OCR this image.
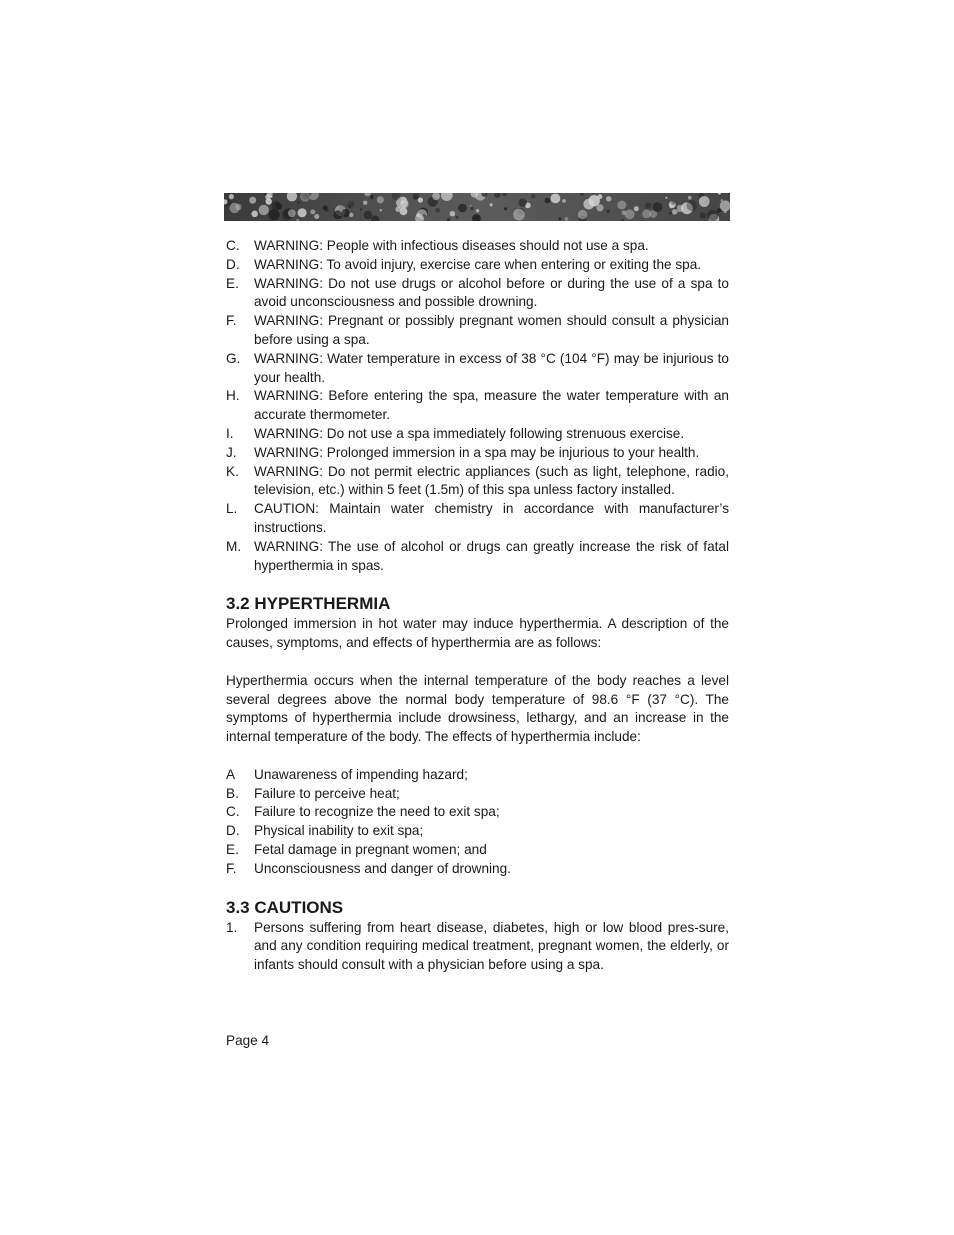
C.	WARNING: People with infectious diseases should not use a spa.
D.	WARNING: To avoid injury, exercise care when entering or exiting the spa.
E.	WARNING: Do not use drugs or alcohol before or during the use of a spa to avoid unconsciousness and possible drowning.
F.	WARNING: Pregnant or possibly pregnant women should consult a physician before using a spa.
G.	WARNING: Water temperature in excess of 38 °C (104 °F) may be injurious to your health.
H.	WARNING: Before entering the spa, measure the water temperature with an accurate thermometer.
I.	WARNING: Do not use a spa immediately following strenuous exercise.
J.	WARNING: Prolonged immersion in a spa may be injurious to your health.
K.	WARNING: Do not permit electric appliances (such as light, telephone, radio, television, etc.) within 5 feet (1.5m) of this spa unless factory installed.
L.	CAUTION: Maintain water chemistry in accordance with manufacturer’s instructions.
M. WARNING: The use of alcohol or drugs can greatly increase the risk of fatal hyperthermia in spas.
3.2 HYPERTHERMIA

Prolonged immersion in hot water may induce hyperthermia. A description of the causes, symptoms, and effects of hyperthermia are as follows:

Hyperthermia occurs when the internal temperature of the body reaches a level several degrees above the normal body temperature of 98.6 °F (37 °C). The symptoms of hyperthermia include drowsiness, lethargy, and an increase in the internal temperature of the body. The effects of hyperthermia include:

A	Unawareness of impending hazard;
B.	Failure to perceive heat;
C.	Failure to recognize the need to exit spa;
D.	Physical inability to exit spa;
E.	Fetal damage in pregnant women; and
F.	Unconsciousness and danger of drowning.
3.3 CAUTIONS
1.	Persons suffering from heart disease, diabetes, high or low blood pres-sure, and any condition requiring medical treatment, pregnant women, the elderly, or infants should consult with a physician before using a spa.
Page 4
